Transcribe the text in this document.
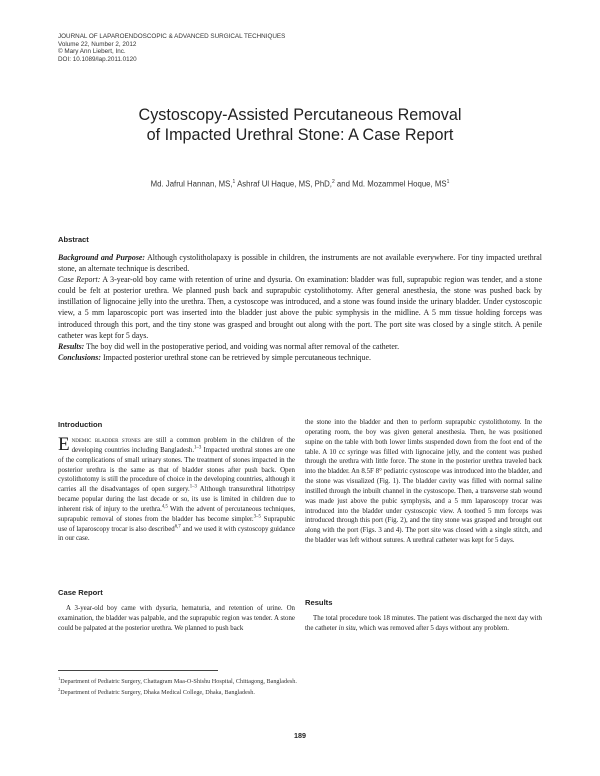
JOURNAL OF LAPAROENDOSCOPIC & ADVANCED SURGICAL TECHNIQUES
Volume 22, Number 2, 2012
© Mary Ann Liebert, Inc.
DOI: 10.1089/lap.2011.0120
Cystoscopy-Assisted Percutaneous Removal
of Impacted Urethral Stone: A Case Report
Md. Jafrul Hannan, MS,$^1$ Ashraf Ul Haque, MS, PhD,$^2$ and Md. Mozammel Hoque, $MS^1$
Abstract

Background and Purpose: Although cystolitholapaxy is possible in children, the instruments are not available everywhere. For tiny impacted urethral stone, an alternate technique is described.

Case Report: A 3-year-old boy came with retention of urine and dysuria. On examination: bladder was full, suprapubic region was tender, and a stone could be felt at posterior urethra. We planned push back and suprapubic cystolithotomy. After general anesthesia, the stone was pushed back by instillation of lignocaine jelly into the urethra. Then, a cystoscope was introduced, and a stone was found inside the urinary bladder. Under cystoscopic view, a 5 mm laparoscopic port was inserted into the bladder just above the pubic symphysis in the midline. A 5 mm tissue holding forceps was introduced through this port, and the tiny stone was grasped and brought out along with the port. The port site was closed by a single stitch. A penile catheter was kept for 5 days.

Results: The boy did well in the postoperative period, and voiding was normal after removal of the catheter.

Conclusions: Impacted posterior urethral stone can be retrieved by simple percutaneous technique.

Introduction

Endemic bladder stones are still a common problem in the children of the developing countries including Bangladesh.$^{1-3}$ Impacted urethral stones are one of the complications of small urinary stones. The treatment of stones impacted in the posterior urethra is the same as that of bladder stones after push back. Open cystolithotomy is still the procedure of choice in the developing countries, although it carries all the disadvantages of open surgery.$^{1-3}$ Although transurethral lithotripsy became popular during the last decade or so, its use is limited in children due to inherent risk of injury to the urethra.$^{4,5}$ With the advent of percutaneous techniques, suprapubic removal of stones from the bladder has become simpler.$^{3-5}$ Suprapubic use of laparoscopy trocar is also described$^{6,7}$ and we used it with cystoscopy guidance in our case.

Case Report

A 3-year-old boy came with dysuria, hematuria, and retention of urine. On examination, the bladder was palpable, and the suprapubic region was tender. A stone could be palpated at the posterior urethra. We planned to push back

the stone into the bladder and then to perform suprapubic cystolithotomy. In the operating room, the boy was given general anesthesia. Then, he was positioned supine on the table with both lower limbs suspended down from the foot end of the table. A 10 cc syringe was filled with lignocaine jelly, and the content was pushed through the urethra with little force. The stone in the posterior urethra traveled back into the bladder. An 8.5F 8° pediatric cystoscope was introduced into the bladder, and the stone was visualized (Fig. 1). The bladder cavity was filled with normal saline instilled through the inbuilt channel in the cystoscope. Then, a transverse stab wound was made just above the pubic symphysis, and a 5 mm laparoscopy trocar was introduced into the bladder under cystoscopic view. A toothed 5 mm forceps was introduced through this port (Fig. 2), and the tiny stone was grasped and brought out along with the port (Figs. 3 and 4). The port site was closed with a single stitch, and the bladder was left without sutures. A urethral catheter was kept for 5 days.

Results

The total procedure took 18 minutes. The patient was discharged the next day with the catheter in situ, which was removed after 5 days without any problem.

$^1$Department of Pediatric Surgery, Chattagram Maa-O-Shishu Hospital, Chittagong, Bangladesh.
$^2$Department of Pediatric Surgery, Dhaka Medical College, Dhaka, Bangladesh.
189
